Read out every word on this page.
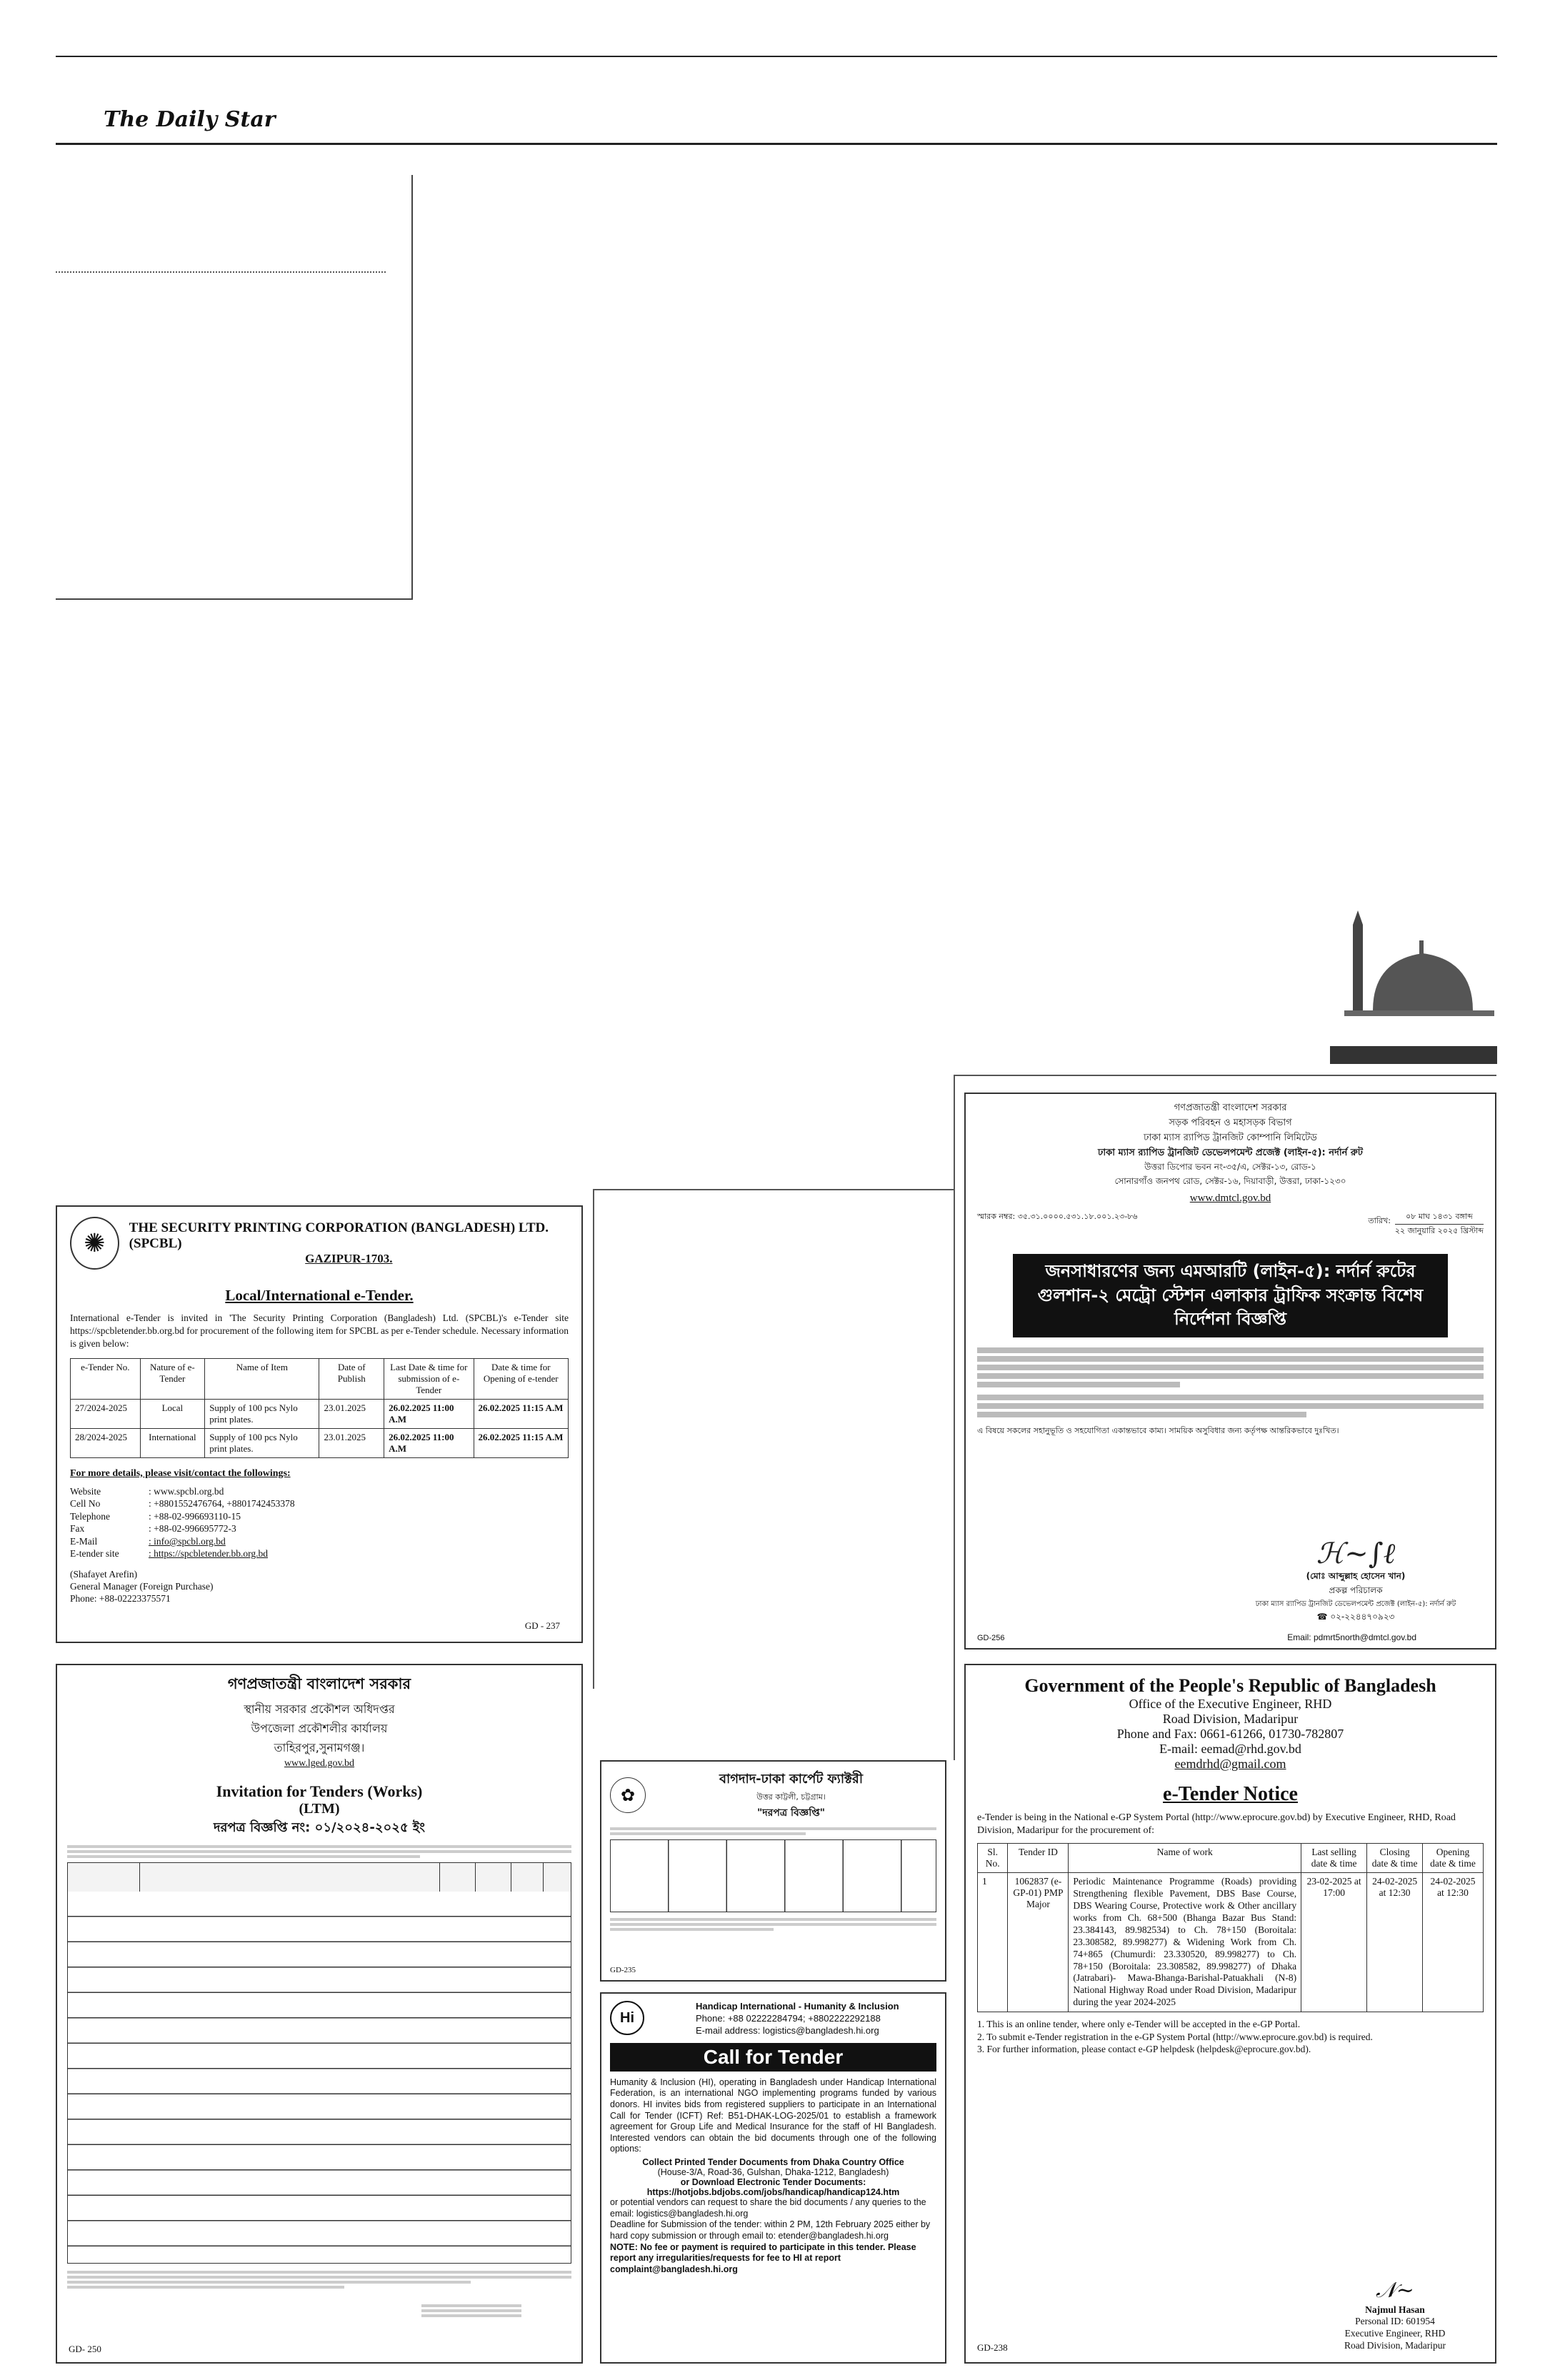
The Daily Star
✺
THE SECURITY PRINTING CORPORATION (BANGLADESH) LTD. (SPCBL)
GAZIPUR-1703.
Local/International e-Tender.
International e-Tender is invited in 'The Security Printing Corporation (Bangladesh) Ltd. (SPCBL)'s e-Tender site https://spcbletender.bb.org.bd for procurement of the following item for SPCBL as per e-Tender schedule. Necessary information is given below:
e-Tender No.	Nature of e-Tender	Name of Item	Date of Publish	Last Date & time for submission of e-Tender	Date & time for Opening of e-tender
27/2024-2025	Local	Supply of 100 pcs Nylo print plates.	23.01.2025	26.02.2025 11:00 A.M	26.02.2025 11:15 A.M
28/2024-2025	International	Supply of 100 pcs Nylo print plates.	23.01.2025	26.02.2025 11:00 A.M	26.02.2025 11:15 A.M
For more details, please visit/contact the followings:
Website	: www.spcbl.org.bd
Cell No	: +8801552476764, +8801742453378
Telephone	: +88-02-996693110-15
Fax	: +88-02-996695772-3
E-Mail	: info@spcbl.org.bd
E-tender site	: https://spcbletender.bb.org.bd
(Shafayet Arefin)
General Manager (Foreign Purchase)
Phone: +88-02223375571
GD - 237
গণপ্রজাতন্ত্রী বাংলাদেশ সরকার
স্থানীয় সরকার প্রকৌশল অধিদপ্তর
উপজেলা প্রকৌশলীর কার্যালয়
তাহিরপুর,সুনামগঞ্জ।
www.lged.gov.bd
Invitation for Tenders (Works)
(LTM)
দরপত্র বিজ্ঞপ্তি নং: ০১/২০২৪-২০২৫ ইং
GD- 250
✿
বাগদাদ-ঢাকা কার্পেট ফ্যাক্টরী
উত্তর কাট্টলী, চট্টগ্রাম।
"দরপত্র বিজ্ঞপ্তি"
GD-235
Hi
Handicap International - Humanity & Inclusion
Phone: +88 02222284794; +8802222292188
E-mail address: logistics@bangladesh.hi.org
Call for Tender
Humanity & Inclusion (HI), operating in Bangladesh under Handicap International Federation, is an international NGO implementing programs funded by various donors. HI invites bids from registered suppliers to participate in an International Call for Tender (ICFT) Ref: B51-DHAK-LOG-2025/01 to establish a framework agreement for Group Life and Medical Insurance for the staff of HI Bangladesh. Interested vendors can obtain the bid documents through one of the following options:
Collect Printed Tender Documents from Dhaka Country Office
(House-3/A, Road-36, Gulshan, Dhaka-1212, Bangladesh)
or Download Electronic Tender Documents:
https://hotjobs.bdjobs.com/jobs/handicap/handicap124.htm
or potential vendors can request to share the bid documents / any queries to the email: logistics@bangladesh.hi.org
Deadline for Submission of the tender: within 2 PM, 12th February 2025 either by hard copy submission or through email to: etender@bangladesh.hi.org
NOTE: No fee or payment is required to participate in this tender. Please report any irregularities/requests for fee to HI at report complaint@bangladesh.hi.org
গণপ্রজাতন্ত্রী বাংলাদেশ সরকার
সড়ক পরিবহন ও মহাসড়ক বিভাগ
ঢাকা ম্যাস র‍্যাপিড ট্রানজিট কোম্পানি লিমিটেড
ঢাকা ম্যাস র‍্যাপিড ট্রানজিট ডেভেলপমেন্ট প্রজেক্ট (লাইন-৫): নর্দার্ন রুট
উত্তরা ডিপোর ভবন নং-৩৫/এ, সেক্টর-১৩, রোড-১
সোনারগাঁও জনপথ রোড, সেক্টর-১৬, দিয়াবাড়ী, উত্তরা, ঢাকা-১২৩০
www.dmtcl.gov.bd
স্মারক নম্বর: ৩৫.৩১.০০০০.৫৩১.১৮.০০১.২৩-৮৬	তারিখ:	০৮ মাঘ ১৪৩১ বঙ্গাব্দ
২২ জানুয়ারি ২০২৫ খ্রিস্টাব্দ
জনসাধারণের জন্য এমআরটি (লাইন-৫): নর্দার্ন রুটের গুলশান-২ মেট্রো স্টেশন এলাকার ট্রাফিক সংক্রান্ত বিশেষ নির্দেশনা বিজ্ঞপ্তি
এ বিষয়ে সকলের সহানুভূতি ও সহযোগিতা একান্তভাবে কাম্য। সাময়িক অসুবিধার জন্য কর্তৃপক্ষ আন্তরিকভাবে দুঃখিত।
ℋ~∫ℓ
(মোঃ আব্দুল্লাহ হোসেন খান)
প্রকল্প পরিচালক
ঢাকা ম্যাস র‍্যাপিড ট্রানজিট ডেভেলপমেন্ট প্রজেক্ট (লাইন-৫): নর্দার্ন রুট
☎ ০২-২২৪৪৭০৯২৩
Email: pdmrt5north@dmtcl.gov.bd
GD-256
Government of the People's Republic of Bangladesh
Office of the Executive Engineer, RHD
Road Division, Madaripur
Phone and Fax: 0661-61266, 01730-782807
E-mail: eemad@rhd.gov.bd
eemdrhd@gmail.com
e-Tender Notice
e-Tender is being in the National e-GP System Portal (http://www.eprocure.gov.bd) by Executive Engineer, RHD, Road Division, Madaripur for the procurement of:
Sl. No.	Tender ID	Name of work	Last selling date & time	Closing date & time	Opening date & time
1	1062837 (e-GP-01) PMP Major	Periodic Maintenance Programme (Roads) providing Strengthening flexible Pavement, DBS Base Course, DBS Wearing Course, Protective work & Other ancillary works from Ch. 68+500 (Bhanga Bazar Bus Stand: 23.384143, 89.982534) to Ch. 78+150 (Boroitala: 23.308582, 89.998277) & Widening Work from Ch. 74+865 (Chumurdi: 23.330520, 89.998277) to Ch. 78+150 (Boroitala: 23.308582, 89.998277) of Dhaka (Jatrabari)- Mawa-Bhanga-Barishal-Patuakhali (N-8) National Highway Road under Road Division, Madaripur during the year 2024-2025	23-02-2025 at 17:00	24-02-2025 at 12:30	24-02-2025 at 12:30
1. This is an online tender, where only e-Tender will be accepted in the e-GP Portal.
2. To submit e-Tender registration in the e-GP System Portal (http://www.eprocure.gov.bd) is required.
3. For further information, please contact e-GP helpdesk (helpdesk@eprocure.gov.bd).
𝒩~
Najmul Hasan
Personal ID: 601954
Executive Engineer, RHD
Road Division, Madaripur
GD-238
